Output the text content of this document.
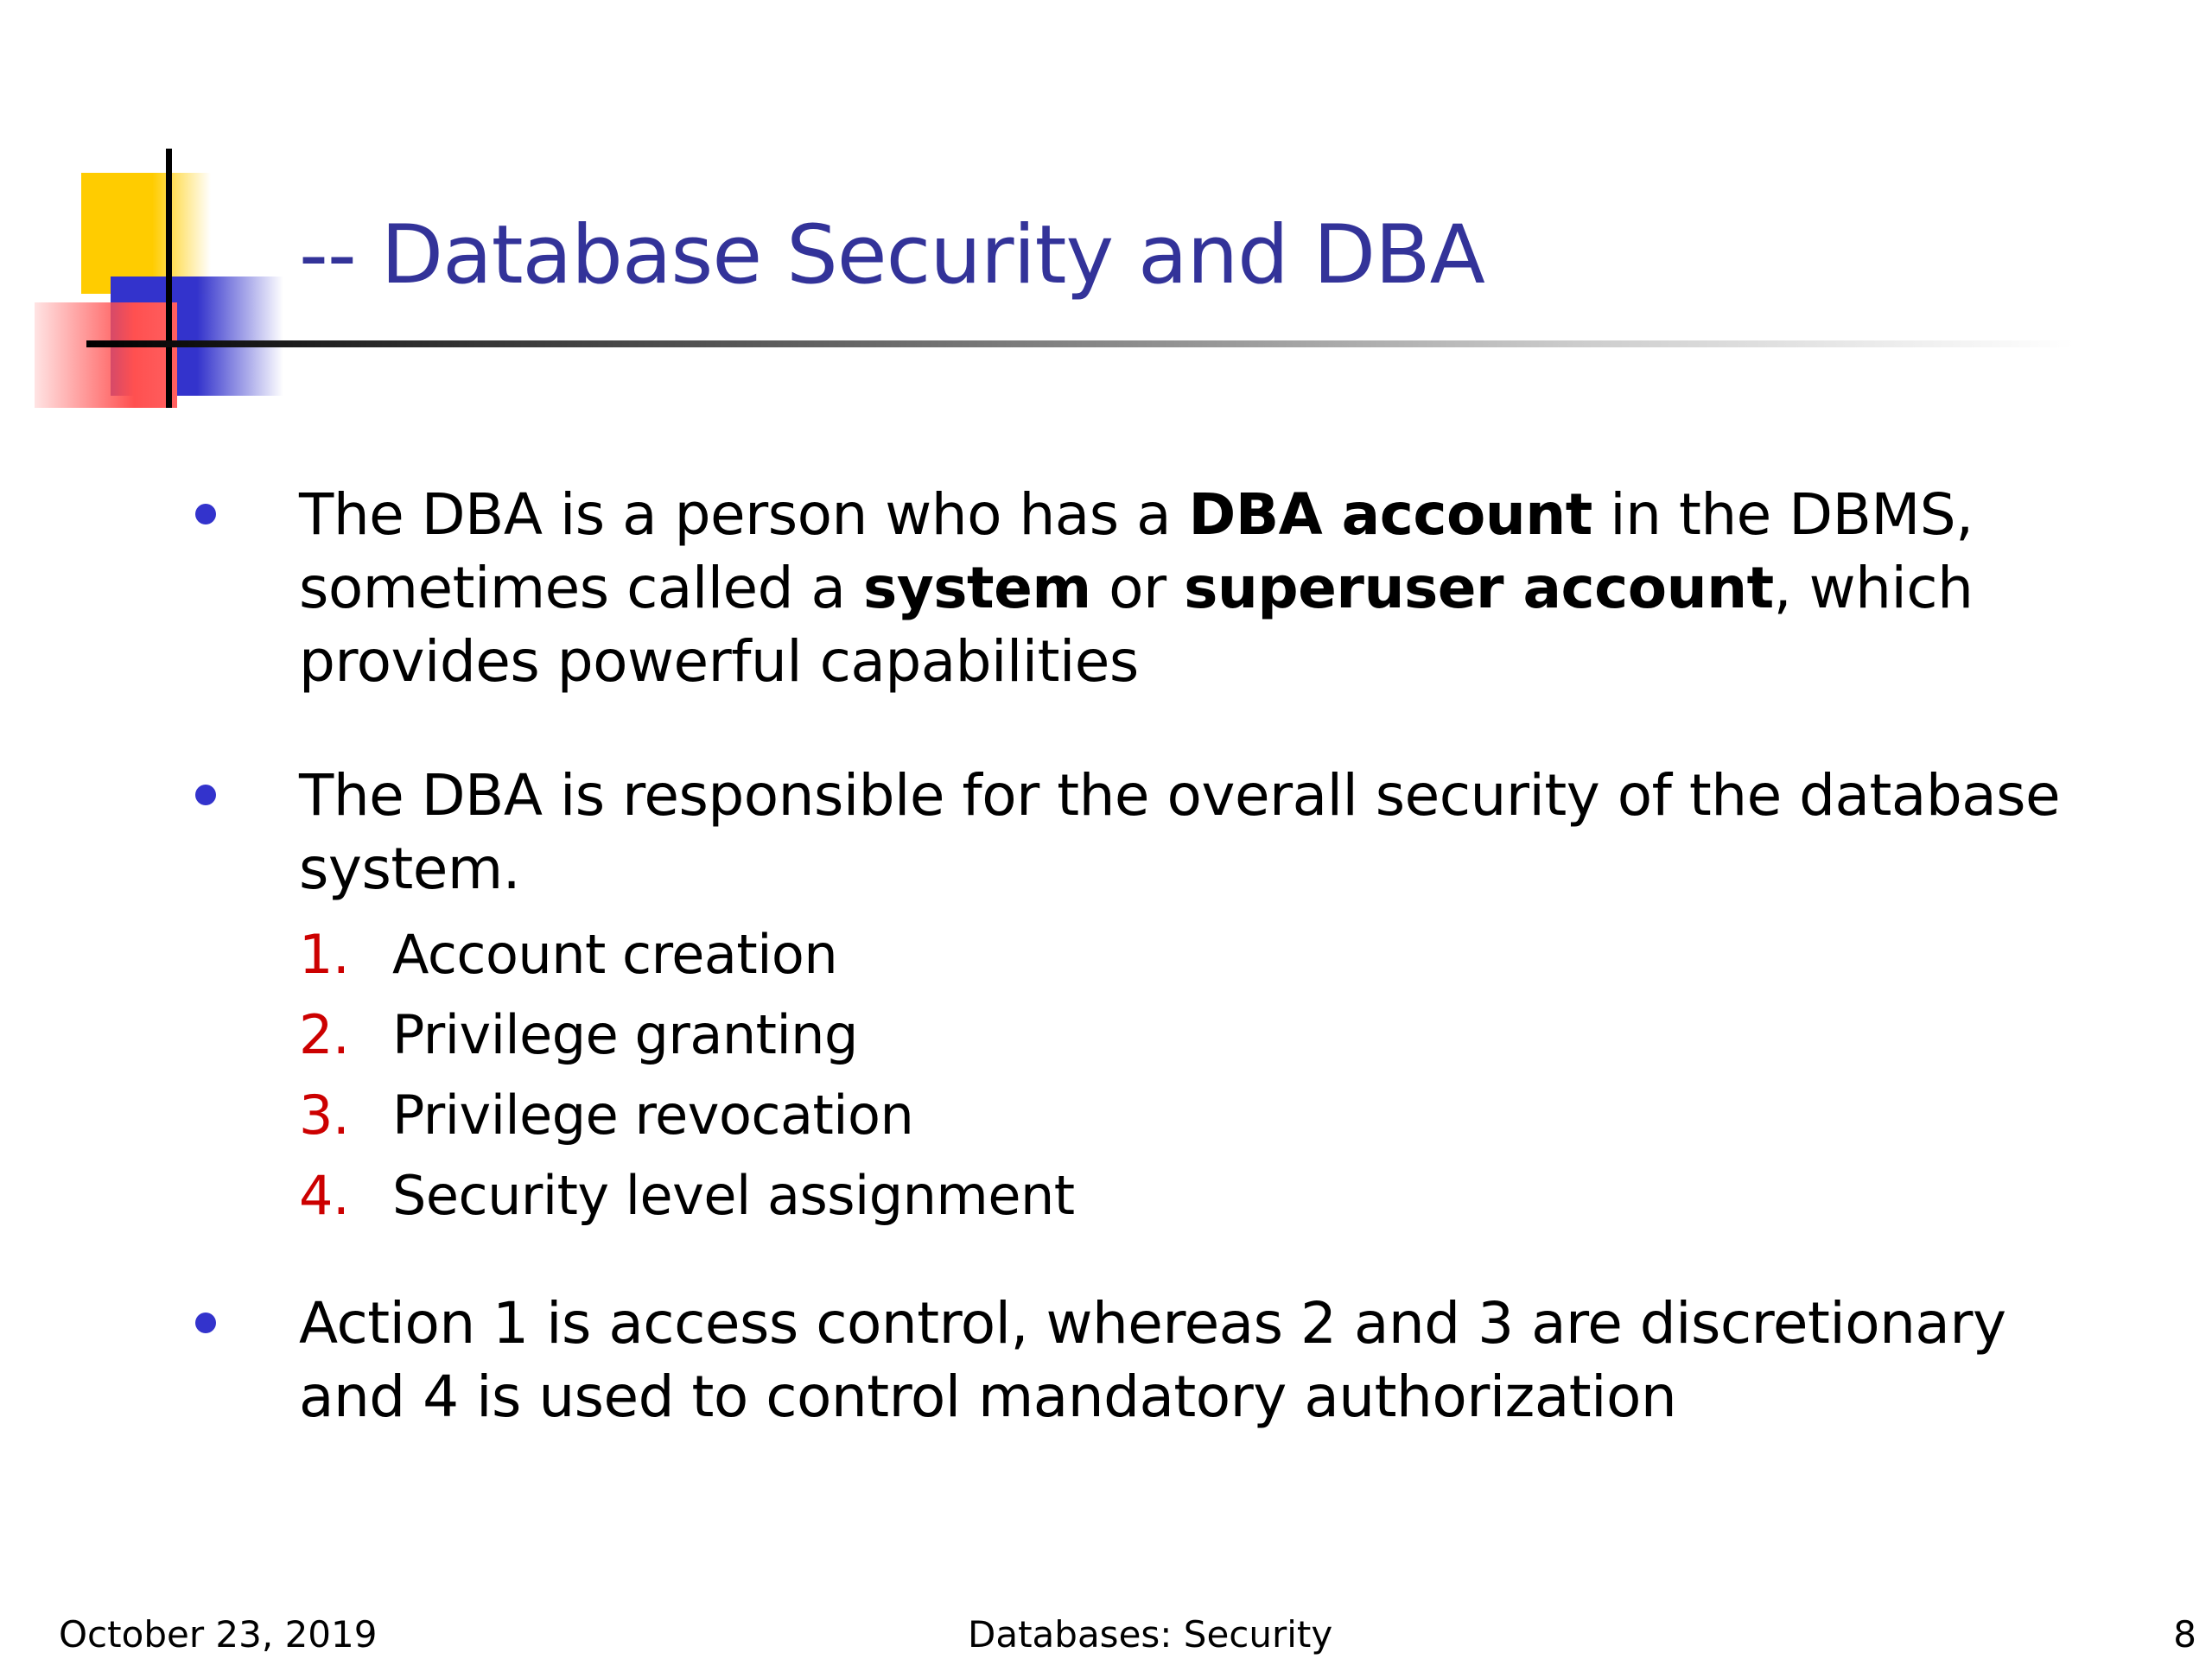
-- Database Security and DBA
The DBA is a person who has a DBA account in the DBMS, sometimes called a system or superuser account, which provides powerful capabilities
The DBA is responsible for the overall security of the database system.
1. Account creation
2. Privilege granting
3. Privilege revocation
4. Security level assignment
Action 1 is access control, whereas 2 and 3 are discretionary and 4 is used to control mandatory authorization
October 23, 2019	Databases: Security	8
